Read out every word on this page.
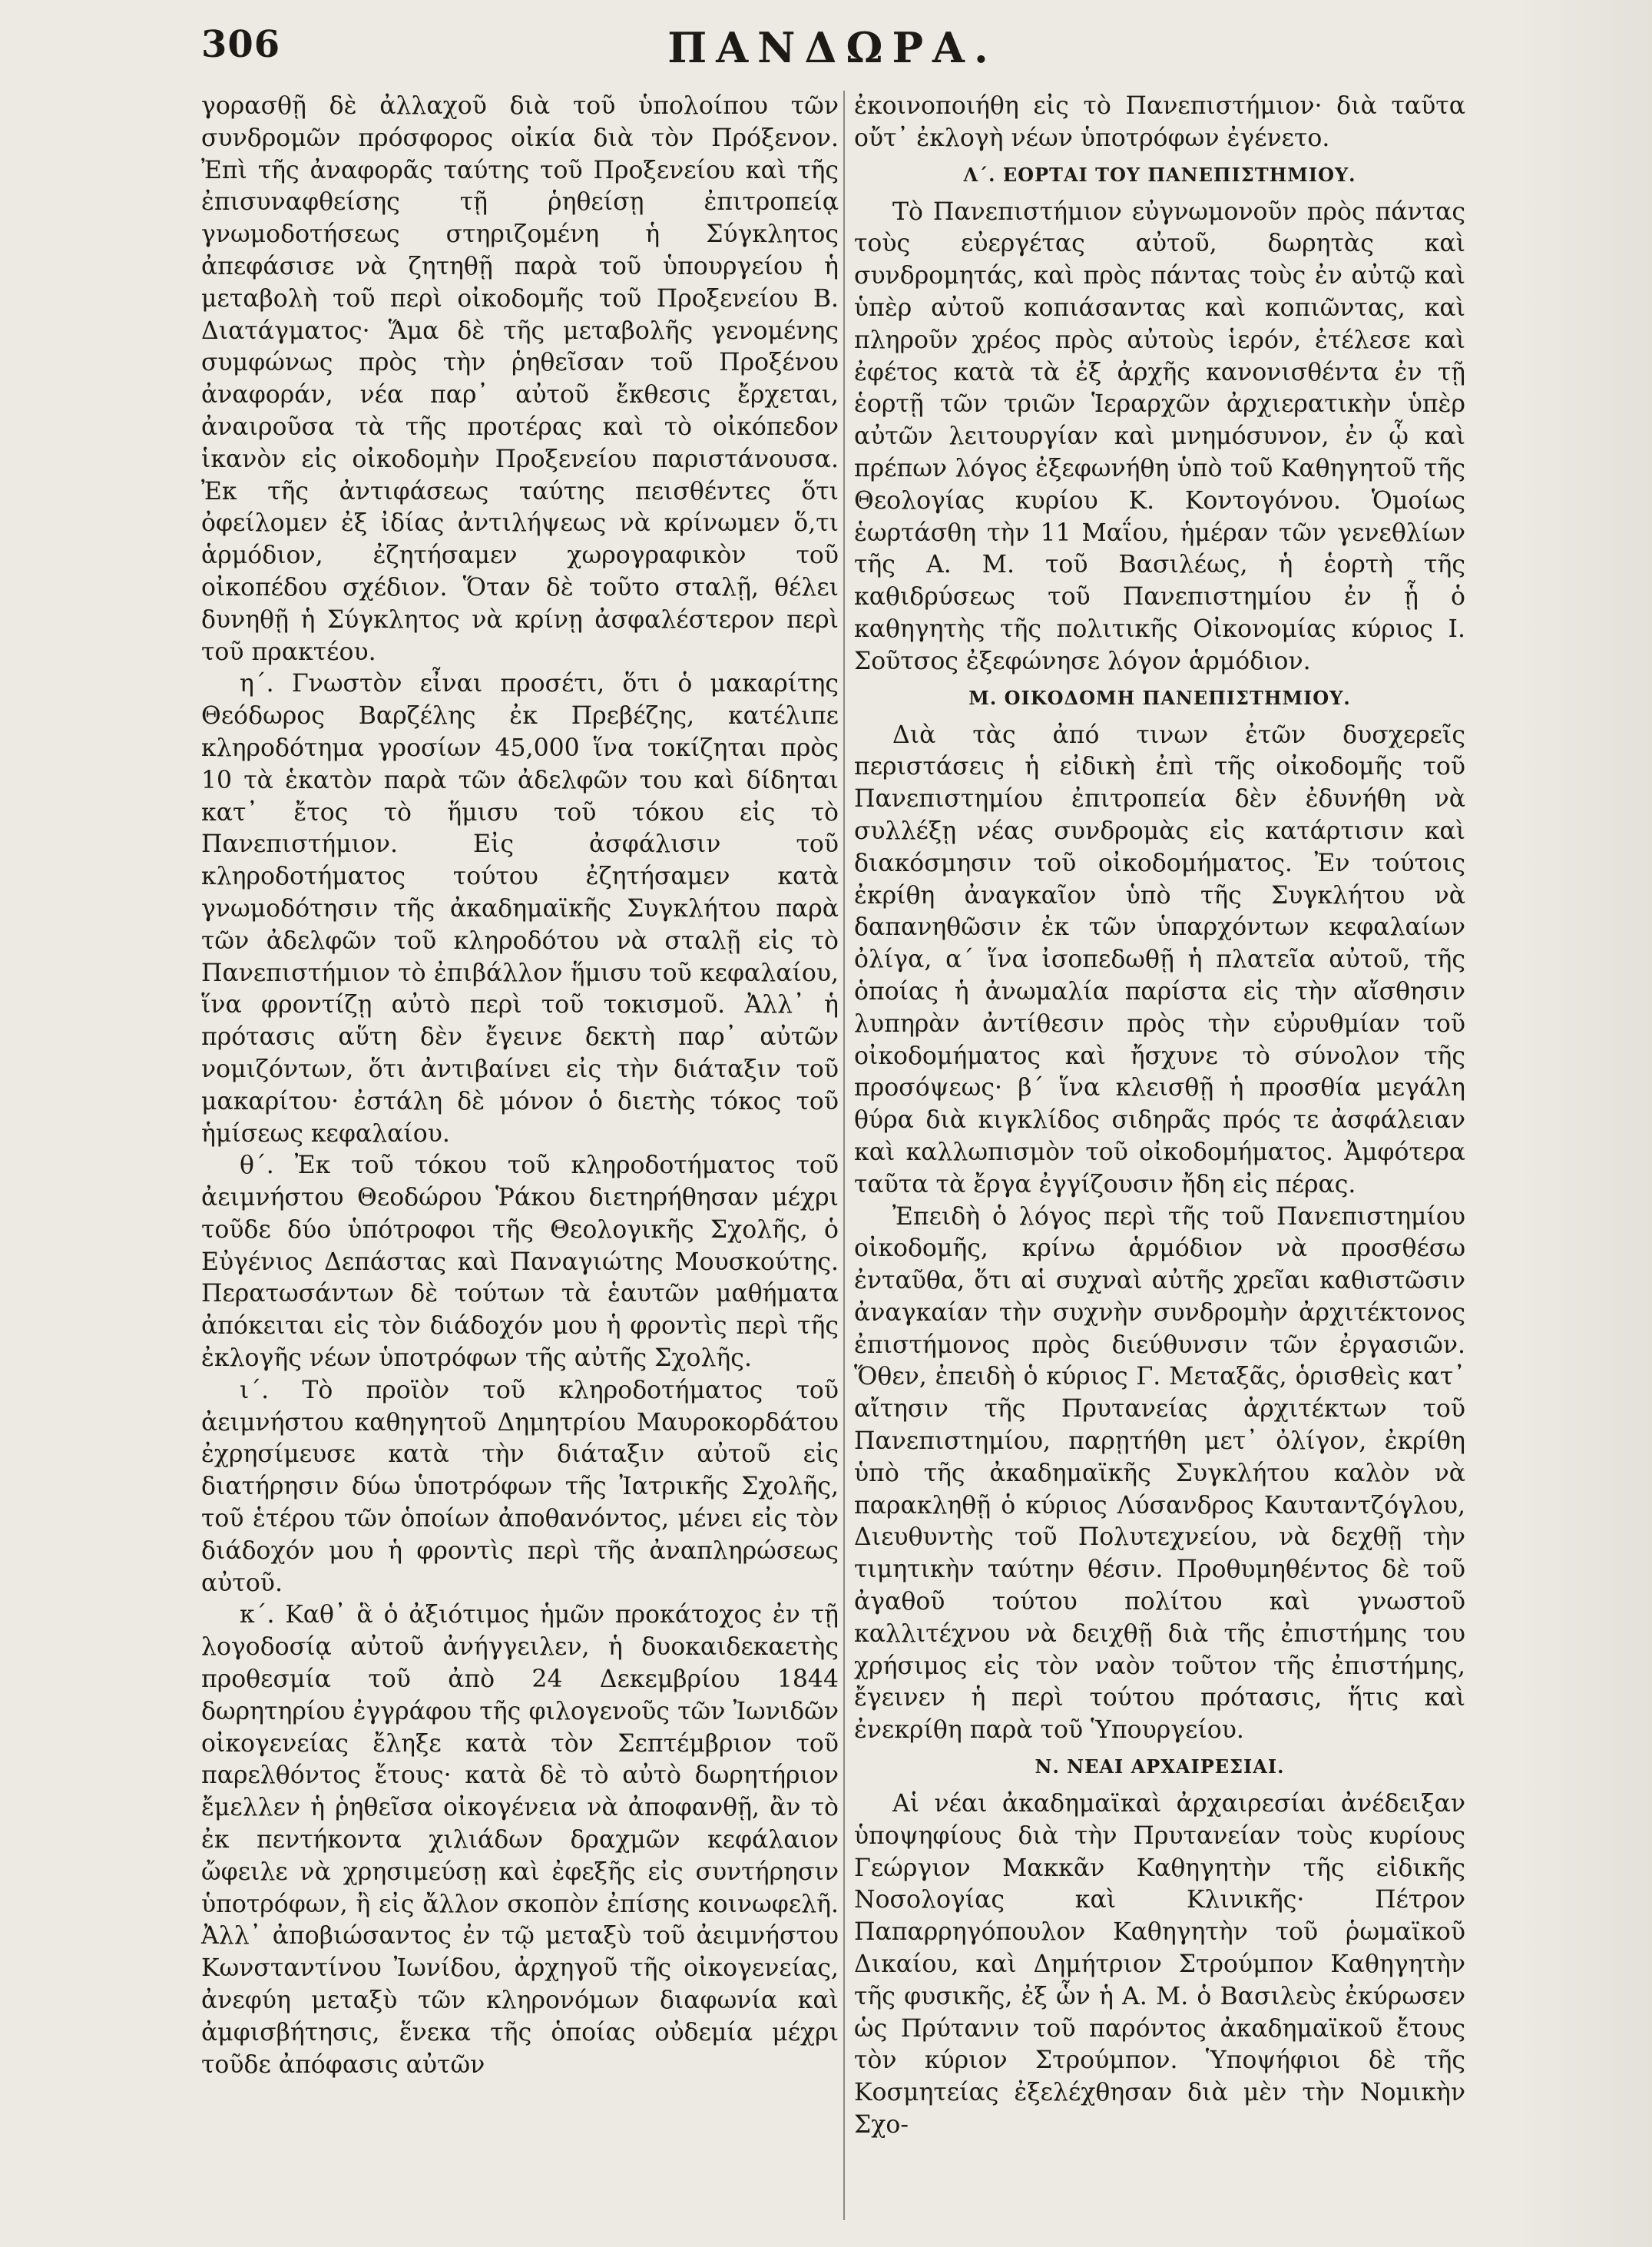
306	ΠΑΝΔΩΡΑ.

γορασθῇ δὲ ἀλλαχοῦ διὰ τοῦ ὑπολοίπου τῶν συνδρομῶν πρόσφορος οἰκία διὰ τὸν Πρόξενον. Ἐπὶ τῆς ἀναφορᾶς ταύτης τοῦ Προξενείου καὶ τῆς ἐπισυναφθείσης τῇ ῥηθείσῃ ἐπιτροπείᾳ γνωμοδοτήσεως στηριζομένη ἡ Σύγκλητος ἀπεφάσισε νὰ ζητηθῇ παρὰ τοῦ ὑπουργείου ἡ μεταβολὴ τοῦ περὶ οἰκοδομῆς τοῦ Προξενείου Β. Διατάγματος· Ἅμα δὲ τῆς μεταβολῆς γενομένης συμφώνως πρὸς τὴν ῥηθεῖσαν τοῦ Προξένου ἀναφοράν, νέα παρ᾽ αὐτοῦ ἔκθεσις ἔρχεται, ἀναιροῦσα τὰ τῆς προτέρας καὶ τὸ οἰκόπεδον ἱκανὸν εἰς οἰκοδομὴν Προξενείου παριστάνουσα. Ἐκ τῆς ἀντιφάσεως ταύτης πεισθέντες ὅτι ὀφείλομεν ἐξ ἰδίας ἀντιλήψεως νὰ κρίνωμεν ὅ,τι ἁρμόδιον, ἐζητήσαμεν χωρογραφικὸν τοῦ οἰκοπέδου σχέδιον. Ὅταν δὲ τοῦτο σταλῇ, θέλει δυνηθῇ ἡ Σύγκλητος νὰ κρίνῃ ἀσφαλέστερον περὶ τοῦ πρακτέου.

η΄. Γνωστὸν εἶναι προσέτι, ὅτι ὁ μακαρίτης Θεόδωρος Βαρζέλης ἐκ Πρεβέζης, κατέλιπε κληροδότημα γροσίων 45,000 ἵνα τοκίζηται πρὸς 10 τὰ ἑκατὸν παρὰ τῶν ἀδελφῶν του καὶ δίδηται κατ᾽ ἔτος τὸ ἥμισυ τοῦ τόκου εἰς τὸ Πανεπιστήμιον. Εἰς ἀσφάλισιν τοῦ κληροδοτήματος τούτου ἐζητήσαμεν κατὰ γνωμοδότησιν τῆς ἀκαδημαϊκῆς Συγκλήτου παρὰ τῶν ἀδελφῶν τοῦ κληροδότου νὰ σταλῇ εἰς τὸ Πανεπιστήμιον τὸ ἐπιβάλλον ἥμισυ τοῦ κεφαλαίου, ἵνα φροντίζῃ αὐτὸ περὶ τοῦ τοκισμοῦ. Ἀλλ᾽ ἡ πρότασις αὕτη δὲν ἔγεινε δεκτὴ παρ᾽ αὐτῶν νομιζόντων, ὅτι ἀντιβαίνει εἰς τὴν διάταξιν τοῦ μακαρίτου· ἐστάλη δὲ μόνον ὁ διετὴς τόκος τοῦ ἡμίσεως κεφαλαίου.

θ΄. Ἐκ τοῦ τόκου τοῦ κληροδοτήματος τοῦ ἀειμνήστου Θεοδώρου Ῥάκου διετηρήθησαν μέχρι τοῦδε δύο ὑπότροφοι τῆς Θεολογικῆς Σχολῆς, ὁ Εὐγένιος Δεπάστας καὶ Παναγιώτης Μουσκούτης. Περατωσάντων δὲ τούτων τὰ ἑαυτῶν μαθήματα ἀπόκειται εἰς τὸν διάδοχόν μου ἡ φροντὶς περὶ τῆς ἐκλογῆς νέων ὑποτρόφων τῆς αὐτῆς Σχολῆς.

ι΄. Τὸ προϊὸν τοῦ κληροδοτήματος τοῦ ἀειμνήστου καθηγητοῦ Δημητρίου Μαυροκορδάτου ἐχρησίμευσε κατὰ τὴν διάταξιν αὐτοῦ εἰς διατήρησιν δύω ὑποτρόφων τῆς Ἰατρικῆς Σχολῆς, τοῦ ἑτέρου τῶν ὁποίων ἀποθανόντος, μένει εἰς τὸν διάδοχόν μου ἡ φροντὶς περὶ τῆς ἀναπληρώσεως αὐτοῦ.

κ΄. Καθ᾽ ἃ ὁ ἀξιότιμος ἡμῶν προκάτοχος ἐν τῇ λογοδοσίᾳ αὐτοῦ ἀνήγγειλεν, ἡ δυοκαιδεκαετὴς προθεσμία τοῦ ἀπὸ 24 Δεκεμβρίου 1844 δωρητηρίου ἐγγράφου τῆς φιλογενοῦς τῶν Ἰωνιδῶν οἰκογενείας ἔληξε κατὰ τὸν Σεπτέμβριον τοῦ παρελθόντος ἔτους· κατὰ δὲ τὸ αὐτὸ δωρητήριον ἔμελλεν ἡ ῥηθεῖσα οἰκογένεια νὰ ἀποφανθῇ, ἂν τὸ ἐκ πεντήκοντα χιλιάδων δραχμῶν κεφάλαιον ὤφειλε νὰ χρησιμεύσῃ καὶ ἐφεξῆς εἰς συντήρησιν ὑποτρόφων, ἢ εἰς ἄλλον σκοπὸν ἐπίσης κοινωφελῆ. Ἀλλ᾽ ἀποβιώσαντος ἐν τῷ μεταξὺ τοῦ ἀειμνήστου Κωνσταντίνου Ἰωνίδου, ἀρχηγοῦ τῆς οἰκογενείας, ἀνεφύη μεταξὺ τῶν κληρονόμων διαφωνία καὶ ἀμφισβήτησις, ἕνεκα τῆς ὁποίας οὐδεμία μέχρι τοῦδε ἀπόφασις αὐτῶν

ἐκοινοποιήθη εἰς τὸ Πανεπιστήμιον· διὰ ταῦτα οὔτ᾽ ἐκλογὴ νέων ὑποτρόφων ἐγένετο.

Λ΄. ΕΟΡΤΑΙ ΤΟΥ ΠΑΝΕΠΙΣΤΗΜΙΟΥ.

Τὸ Πανεπιστήμιον εὐγνωμονοῦν πρὸς πάντας τοὺς εὐεργέτας αὐτοῦ, δωρητὰς καὶ συνδρομητάς, καὶ πρὸς πάντας τοὺς ἐν αὐτῷ καὶ ὑπὲρ αὐτοῦ κοπιάσαντας καὶ κοπιῶντας, καὶ πληροῦν χρέος πρὸς αὐτοὺς ἱερόν, ἐτέλεσε καὶ ἐφέτος κατὰ τὰ ἐξ ἀρχῆς κανονισθέντα ἐν τῇ ἑορτῇ τῶν τριῶν Ἱεραρχῶν ἀρχιερατικὴν ὑπὲρ αὐτῶν λειτουργίαν καὶ μνημόσυνον, ἐν ᾧ καὶ πρέπων λόγος ἐξεφωνήθη ὑπὸ τοῦ Καθηγητοῦ τῆς Θεολογίας κυρίου Κ. Κοντογόνου. Ὁμοίως ἑωρτάσθη τὴν 11 Μαΐου, ἡμέραν τῶν γενεθλίων τῆς Α. Μ. τοῦ Βασιλέως, ἡ ἑορτὴ τῆς καθιδρύσεως τοῦ Πανεπιστημίου ἐν ᾗ ὁ καθηγητὴς τῆς πολιτικῆς Οἰκονομίας κύριος Ι. Σοῦτσος ἐξεφώνησε λόγον ἁρμόδιον.

Μ. ΟΙΚΟΔΟΜΗ ΠΑΝΕΠΙΣΤΗΜΙΟΥ.

Διὰ τὰς ἀπό τινων ἐτῶν δυσχερεῖς περιστάσεις ἡ εἰδικὴ ἐπὶ τῆς οἰκοδομῆς τοῦ Πανεπιστημίου ἐπιτροπεία δὲν ἐδυνήθη νὰ συλλέξῃ νέας συνδρομὰς εἰς κατάρτισιν καὶ διακόσμησιν τοῦ οἰκοδομήματος. Ἐν τούτοις ἐκρίθη ἀναγκαῖον ὑπὸ τῆς Συγκλήτου νὰ δαπανηθῶσιν ἐκ τῶν ὑπαρχόντων κεφαλαίων ὀλίγα, α΄ ἵνα ἰσοπεδωθῇ ἡ πλατεῖα αὐτοῦ, τῆς ὁποίας ἡ ἀνωμαλία παρίστα εἰς τὴν αἴσθησιν λυπηρὰν ἀντίθεσιν πρὸς τὴν εὐρυθμίαν τοῦ οἰκοδομήματος καὶ ἤσχυνε τὸ σύνολον τῆς προσόψεως· β΄ ἵνα κλεισθῇ ἡ προσθία μεγάλη θύρα διὰ κιγκλίδος σιδηρᾶς πρός τε ἀσφάλειαν καὶ καλλωπισμὸν τοῦ οἰκοδομήματος. Ἀμφότερα ταῦτα τὰ ἔργα ἐγγίζουσιν ἤδη εἰς πέρας.

Ἐπειδὴ ὁ λόγος περὶ τῆς τοῦ Πανεπιστημίου οἰκοδομῆς, κρίνω ἁρμόδιον νὰ προσθέσω ἐνταῦθα, ὅτι αἱ συχναὶ αὐτῆς χρεῖαι καθιστῶσιν ἀναγκαίαν τὴν συχνὴν συνδρομὴν ἀρχιτέκτονος ἐπιστήμονος πρὸς διεύθυνσιν τῶν ἐργασιῶν. Ὅθεν, ἐπειδὴ ὁ κύριος Γ. Μεταξᾶς, ὁρισθεὶς κατ᾽ αἴτησιν τῆς Πρυτανείας ἀρχιτέκτων τοῦ Πανεπιστημίου, παρῃτήθη μετ᾽ ὀλίγον, ἐκρίθη ὑπὸ τῆς ἀκαδημαϊκῆς Συγκλήτου καλὸν νὰ παρακληθῇ ὁ κύριος Λύσανδρος Καυταντζόγλου, Διευθυντὴς τοῦ Πολυτεχνείου, νὰ δεχθῇ τὴν τιμητικὴν ταύτην θέσιν. Προθυμηθέντος δὲ τοῦ ἀγαθοῦ τούτου πολίτου καὶ γνωστοῦ καλλιτέχνου νὰ δειχθῇ διὰ τῆς ἐπιστήμης του χρήσιμος εἰς τὸν ναὸν τοῦτον τῆς ἐπιστήμης, ἔγεινεν ἡ περὶ τούτου πρότασις, ἥτις καὶ ἐνεκρίθη παρὰ τοῦ Ὑπουργείου.

Ν. ΝΕΑΙ ΑΡΧΑΙΡΕΣΙΑΙ.

Αἱ νέαι ἀκαδημαϊκαὶ ἀρχαιρεσίαι ἀνέδειξαν ὑποψηφίους διὰ τὴν Πρυτανείαν τοὺς κυρίους Γεώργιον Μακκᾶν Καθηγητὴν τῆς εἰδικῆς Νοσολογίας καὶ Κλινικῆς· Πέτρον Παπαρρηγόπουλον Καθηγητὴν τοῦ ῥωμαϊκοῦ Δικαίου, καὶ Δημήτριον Στρούμπον Καθηγητὴν τῆς φυσικῆς, ἐξ ὧν ἡ Α. Μ. ὁ Βασιλεὺς ἐκύρωσεν ὡς Πρύτανιν τοῦ παρόντος ἀκαδημαϊκοῦ ἔτους τὸν κύριον Στρούμπον. Ὑποψήφιοι δὲ τῆς Κοσμητείας ἐξελέχθησαν διὰ μὲν τὴν Νομικὴν Σχο-
